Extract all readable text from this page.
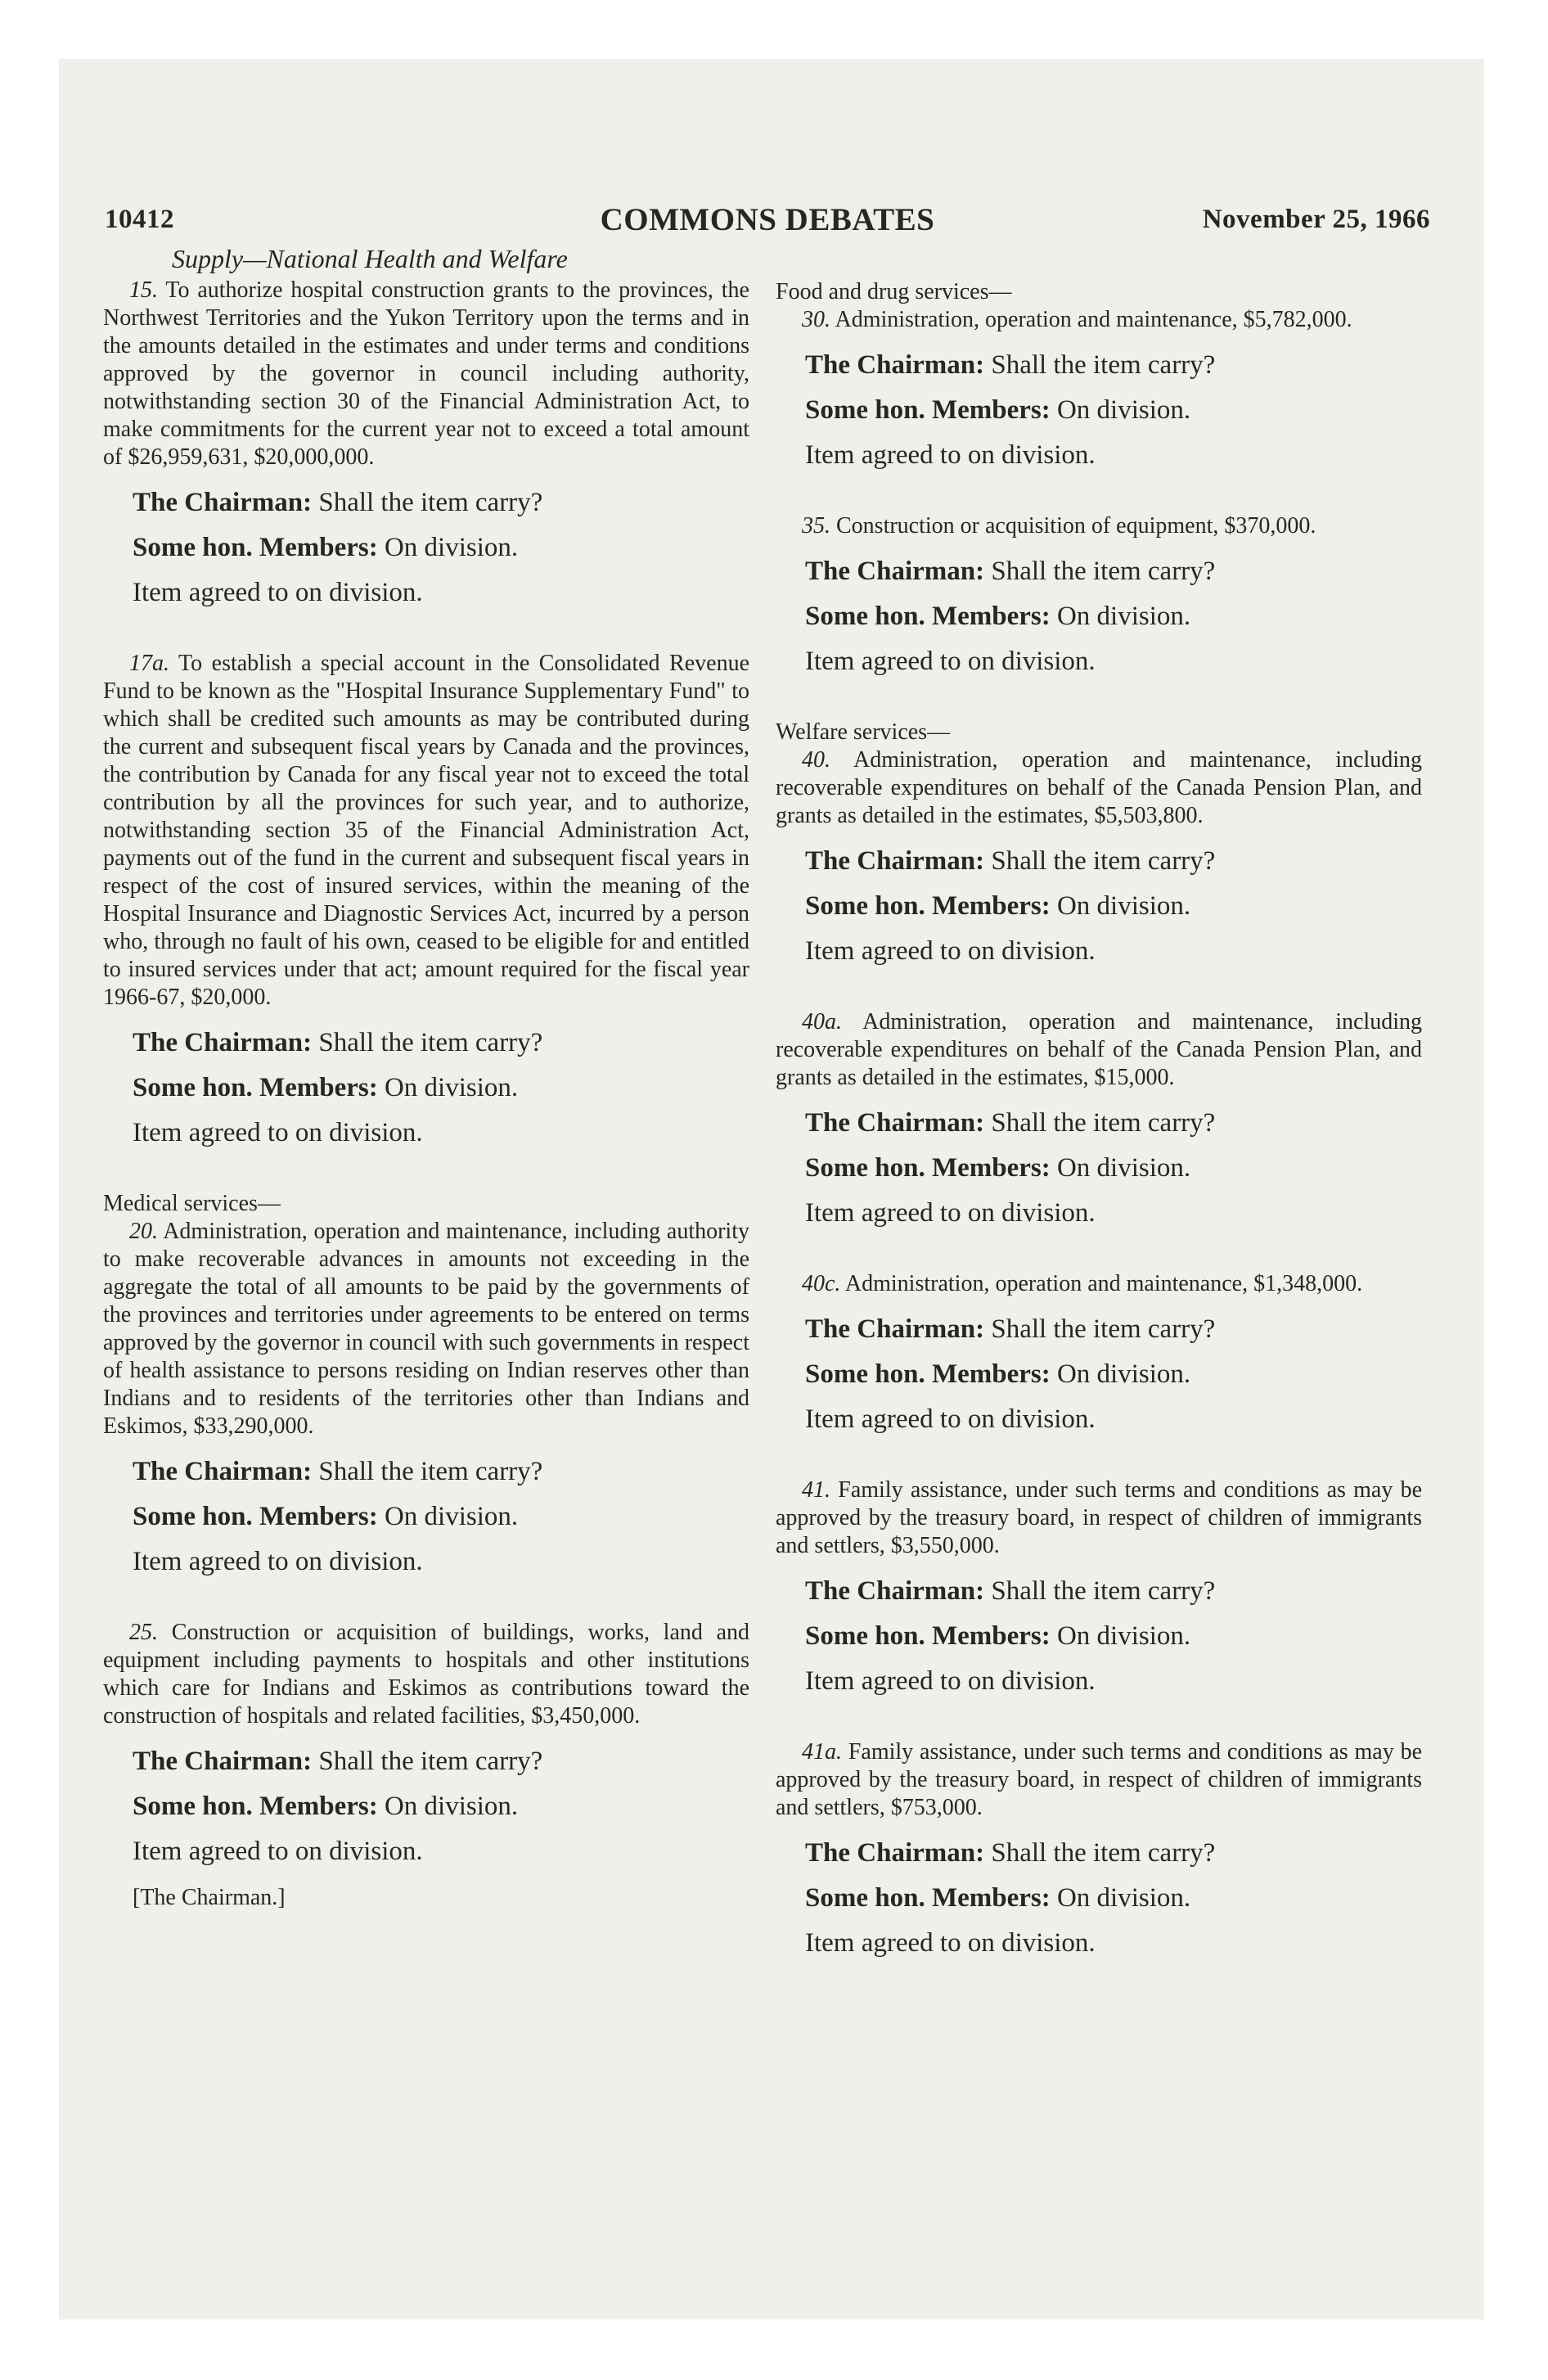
10412	COMMONS DEBATES	November 25, 1966
Supply—National Health and Welfare

15. To authorize hospital construction grants to the provinces, the Northwest Territories and the Yukon Territory upon the terms and in the amounts detailed in the estimates and under terms and conditions approved by the governor in council including authority, notwithstanding section 30 of the Financial Administration Act, to make commitments for the current year not to exceed a total amount of $26,959,631, $20,000,000.

The Chairman: Shall the item carry?
Some hon. Members: On division.
Item agreed to on division.

17a. To establish a special account in the Consolidated Revenue Fund to be known as the "Hospital Insurance Supplementary Fund" to which shall be credited such amounts as may be contributed during the current and subsequent fiscal years by Canada and the provinces, the contribution by Canada for any fiscal year not to exceed the total contribution by all the provinces for such year, and to authorize, notwithstanding section 35 of the Financial Administration Act, payments out of the fund in the current and subsequent fiscal years in respect of the cost of insured services, within the meaning of the Hospital Insurance and Diagnostic Services Act, incurred by a person who, through no fault of his own, ceased to be eligible for and entitled to insured services under that act; amount required for the fiscal year 1966-67, $20,000.

The Chairman: Shall the item carry?
Some hon. Members: On division.
Item agreed to on division.

Medical services—

20. Administration, operation and maintenance, including authority to make recoverable advances in amounts not exceeding in the aggregate the total of all amounts to be paid by the governments of the provinces and territories under agreements to be entered on terms approved by the governor in council with such governments in respect of health assistance to persons residing on Indian reserves other than Indians and to residents of the territories other than Indians and Eskimos, $33,290,000.

The Chairman: Shall the item carry?
Some hon. Members: On division.
Item agreed to on division.

25. Construction or acquisition of buildings, works, land and equipment including payments to hospitals and other institutions which care for Indians and Eskimos as contributions toward the construction of hospitals and related facilities, $3,450,000.

The Chairman: Shall the item carry?
Some hon. Members: On division.
Item agreed to on division.

[The Chairman.]

Food and drug services—

30. Administration, operation and maintenance, $5,782,000.

The Chairman: Shall the item carry?
Some hon. Members: On division.
Item agreed to on division.

35. Construction or acquisition of equipment, $370,000.

The Chairman: Shall the item carry?
Some hon. Members: On division.
Item agreed to on division.

Welfare services—

40. Administration, operation and maintenance, including recoverable expenditures on behalf of the Canada Pension Plan, and grants as detailed in the estimates, $5,503,800.

The Chairman: Shall the item carry?
Some hon. Members: On division.
Item agreed to on division.

40a. Administration, operation and maintenance, including recoverable expenditures on behalf of the Canada Pension Plan, and grants as detailed in the estimates, $15,000.

The Chairman: Shall the item carry?
Some hon. Members: On division.
Item agreed to on division.

40c. Administration, operation and maintenance, $1,348,000.

The Chairman: Shall the item carry?
Some hon. Members: On division.
Item agreed to on division.

41. Family assistance, under such terms and conditions as may be approved by the treasury board, in respect of children of immigrants and settlers, $3,550,000.

The Chairman: Shall the item carry?
Some hon. Members: On division.
Item agreed to on division.

41a. Family assistance, under such terms and conditions as may be approved by the treasury board, in respect of children of immigrants and settlers, $753,000.

The Chairman: Shall the item carry?
Some hon. Members: On division.
Item agreed to on division.
